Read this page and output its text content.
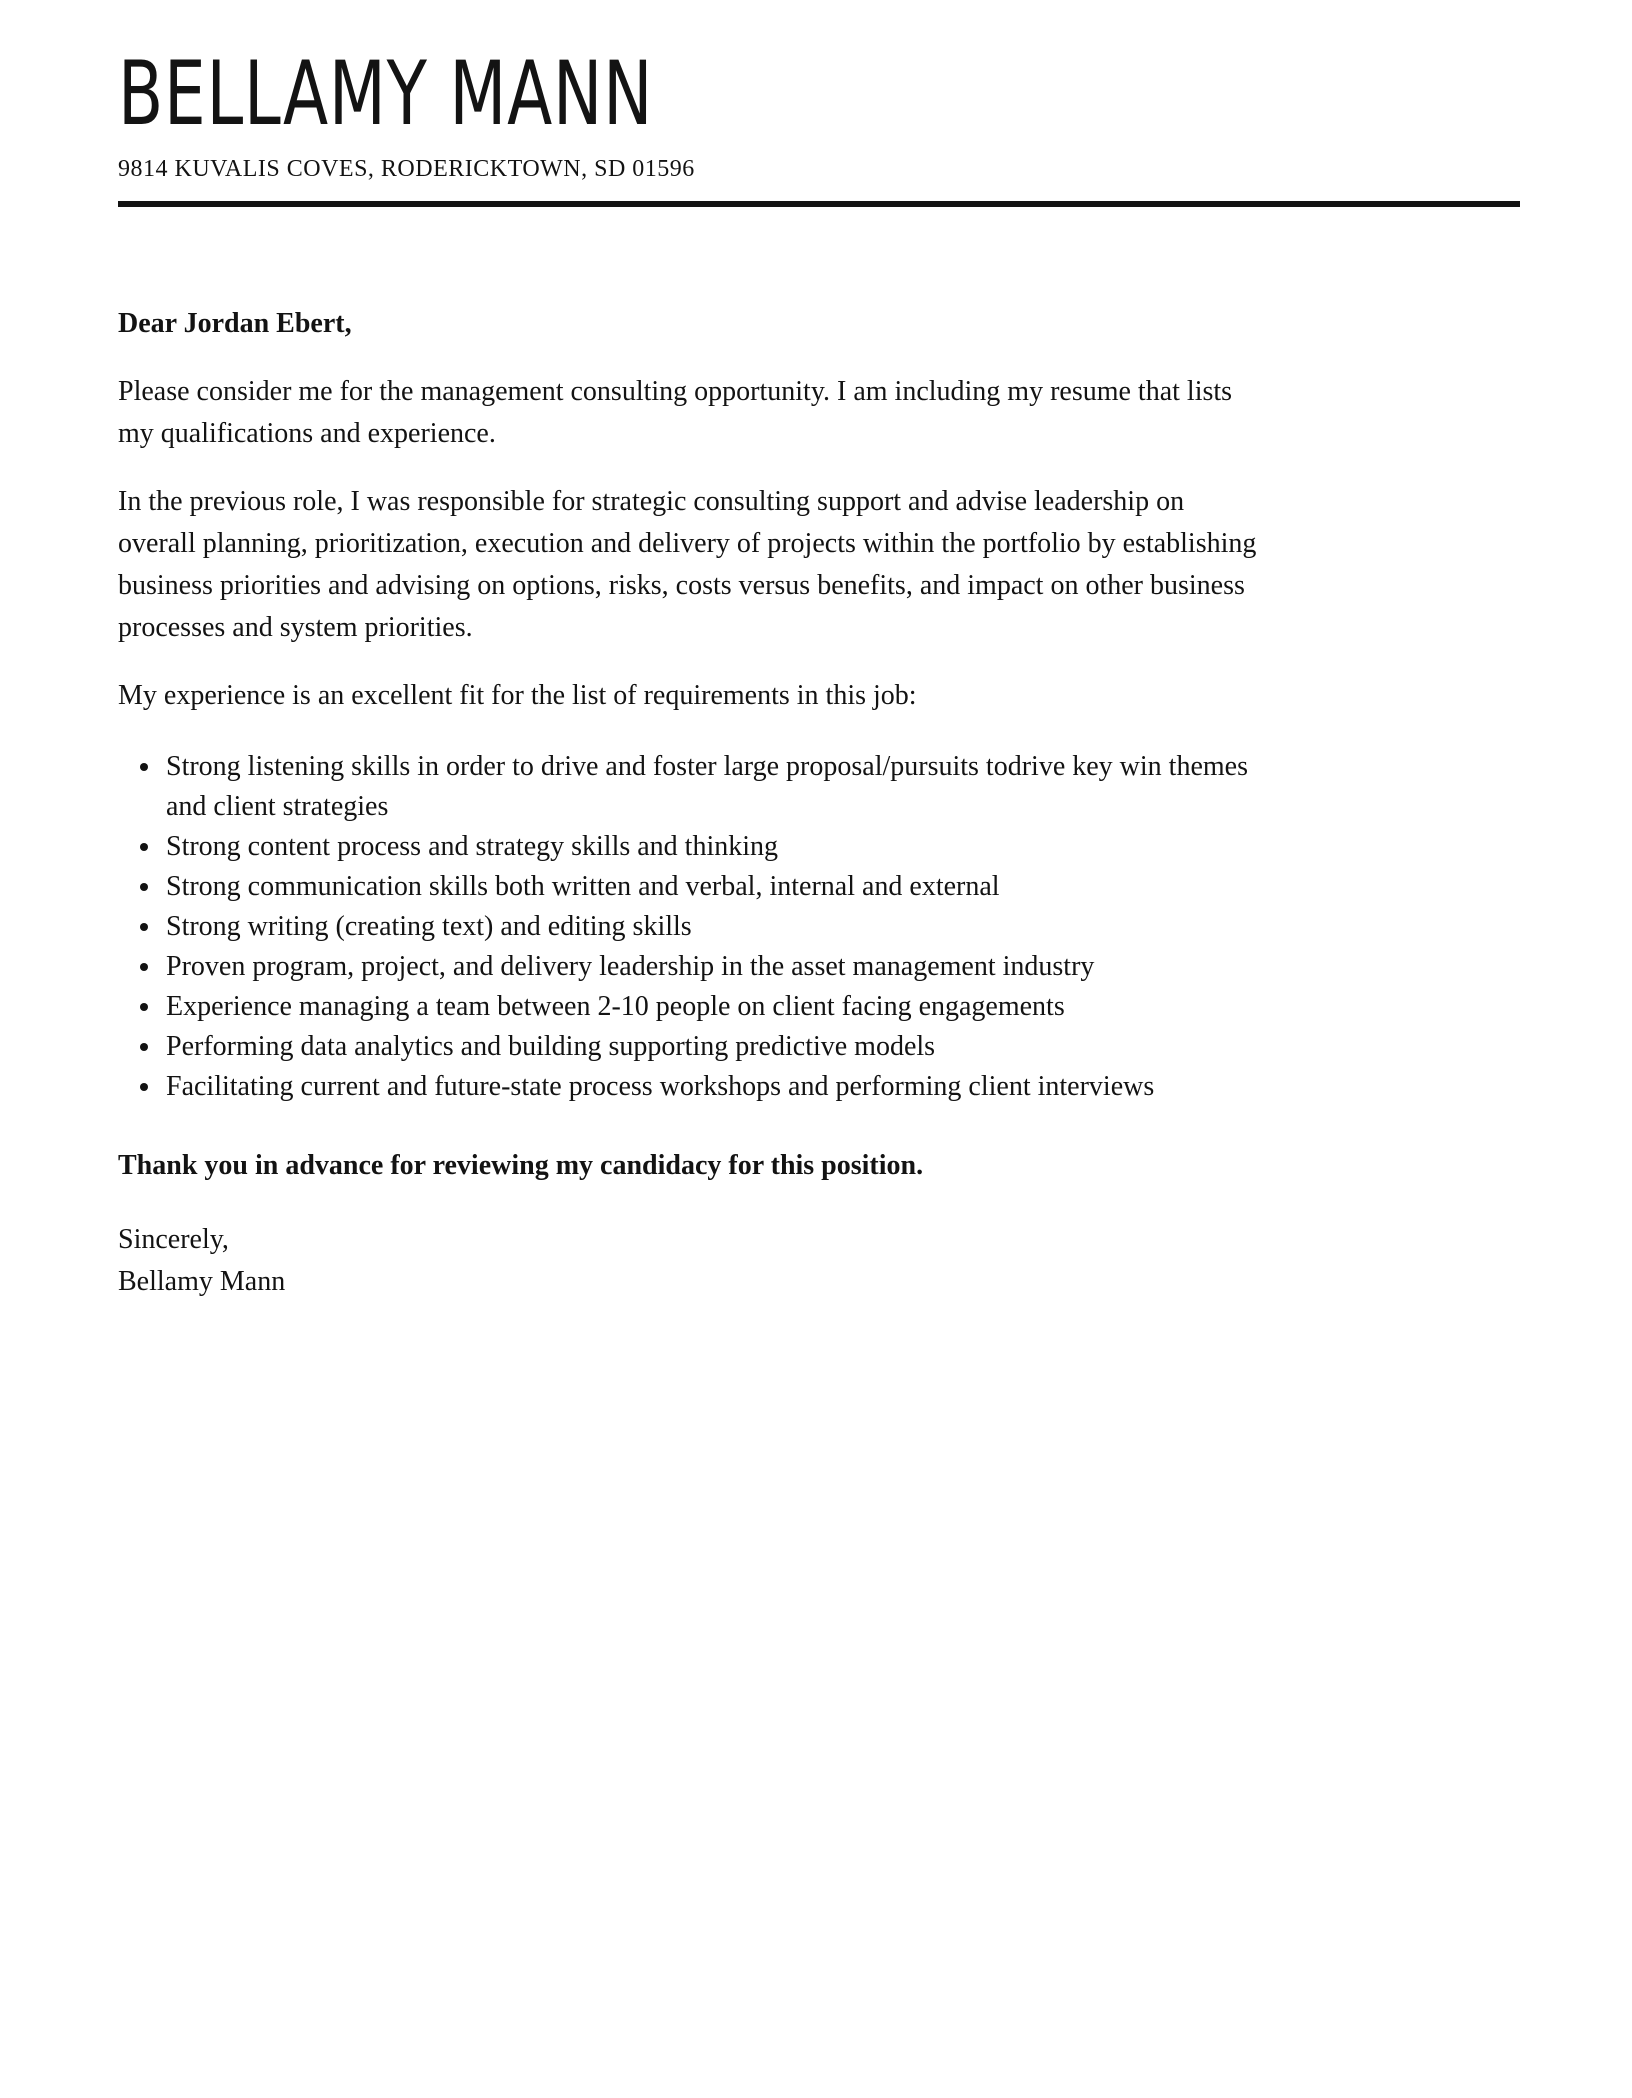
BELLAMY MANN
9814 KUVALIS COVES, RODERICKTOWN, SD 01596
Dear Jordan Ebert,
Please consider me for the management consulting opportunity. I am including my resume that lists
my qualifications and experience.
In the previous role, I was responsible for strategic consulting support and advise leadership on
overall planning, prioritization, execution and delivery of projects within the portfolio by establishing
business priorities and advising on options, risks, costs versus benefits, and impact on other business
processes and system priorities.
My experience is an excellent fit for the list of requirements in this job:
Strong listening skills in order to drive and foster large proposal/pursuits todrive key win themes
and client strategies
Strong content process and strategy skills and thinking
Strong communication skills both written and verbal, internal and external
Strong writing (creating text) and editing skills
Proven program, project, and delivery leadership in the asset management industry
Experience managing a team between 2-10 people on client facing engagements
Performing data analytics and building supporting predictive models
Facilitating current and future-state process workshops and performing client interviews
Thank you in advance for reviewing my candidacy for this position.
Sincerely,
Bellamy Mann
